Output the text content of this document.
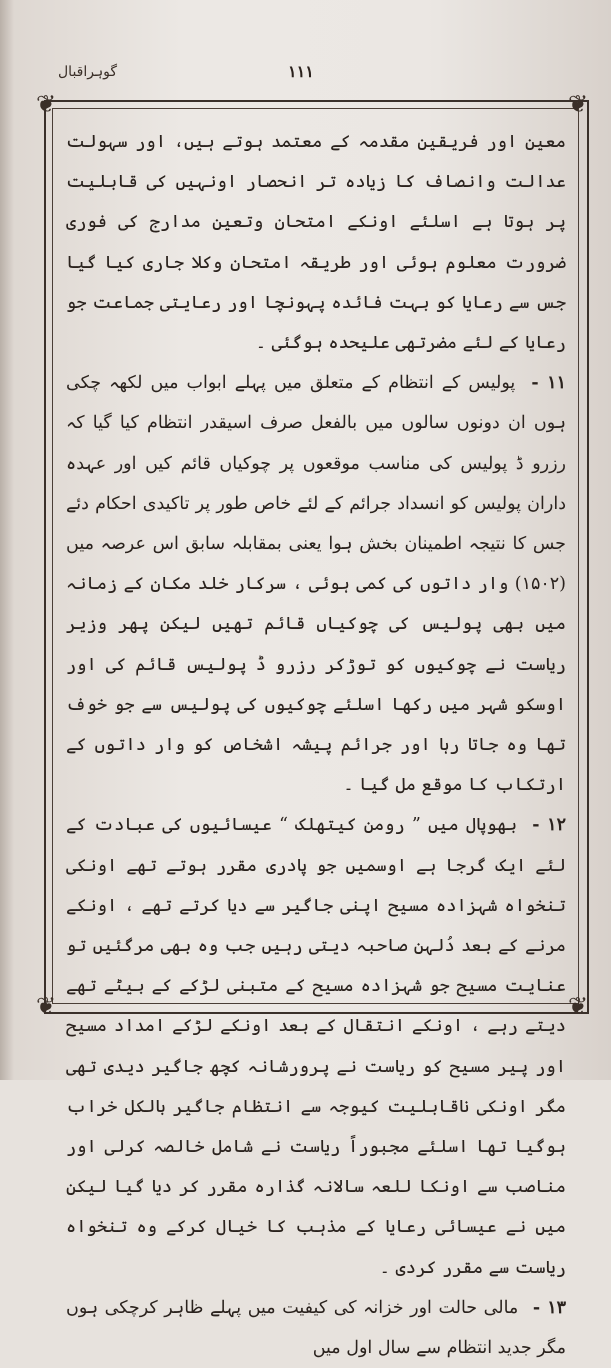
گوہراقبال	۱۱۱
❦	❦
❦	❦

معین اور فریقین مقدمہ کے معتمد ہوتے ہیں، اور سہولت عدالت وانصاف کا زیادہ تر انحصار اونہیں کی قابلیت پر ہوتا ہے اسلئے اونکے امتحان وتعین مدارج کی فوری ضرورت معلوم ہوئی اور طریقہ امتحان وکلا جاری کیا گیا جس سے رعایا کو بہت فائدہ پہونچا اور رعایتی جماعت جو رعایا کے لئے مضرتھی علیحدہ ہوگئی ۔

۱۱ - پولیس کے انتظام کے متعلق میں پہلے ابواب میں لکھہ چکی ہوں ان دونوں سالوں میں بالفعل صرف اسیقدر انتظام کیا گیا کہ رزرو ڈ پولیس کی مناسب موقعوں پر چوکیاں قائم کیں اور عہدہ داران پولیس کو انسداد جرائم کے لئے خاص طور پر تاکیدی احکام دئے جس کا نتیجہ اطمینان بخش ہوا یعنی بمقابلہ سابق اس عرصہ میں (۱۵۰۲) وار داتوں کی کمی ہوئی ، سرکار خلد مکان کے زمانہ میں بھی پولیس کی چوکیاں قائم تھیں لیکن پھر وزیر ریاست نے چوکیوں کو توڑکر رزرو ڈ پولیس قائم کی اور اوسکو شہر میں رکھا اسلئے چوکیوں کی پولیس سے جو خوف تھا وہ جاتا رہا اور جرائم پیشہ اشخاص کو وار داتوں کے ارتکاب کا موقع مل گیا ۔

۱۲ - بھوپال میں ” رومن کیتھلک “ عیسائیوں کی عبادت کے لئے ایک گرجا ہے اوسمیں جو پادری مقرر ہوتے تھے اونکی تنخواہ شہزادہ مسیح اپنی جاگیر سے دیا کرتے تھے ، اونکے مرنے کے بعد دُلہن صاحبہ دیتی رہیں جب وہ بھی مرگئیں تو عنایت مسیح جو شہزادہ مسیح کے متبنی لڑکے کے بیٹے تھے دیتے رہے ، اونکے انتقال کے بعد اونکے لڑکے امداد مسیح اور پیر مسیح کو ریاست نے پرورشانہ کچھ جاگیر دیدی تھی مگر اونکی ناقابلیت کیوجہ سے انتظام جاگیر بالکل خراب ہوگیا تھا اسلئے مجبوراً ریاست نے شامل خالصہ کرلی اور مناصب سے اونکا للعہ سالانہ گذارہ مقرر کر دیا گیا لیکن میں نے عیسائی رعایا کے مذہب کا خیال کرکے وہ تنخواہ ریاست سے مقرر کردی ۔

۱۳ - مالی حالت اور خزانہ کی کیفیت میں پہلے ظاہر کرچکی ہوں مگر جدید انتظام سے سال اول میں
